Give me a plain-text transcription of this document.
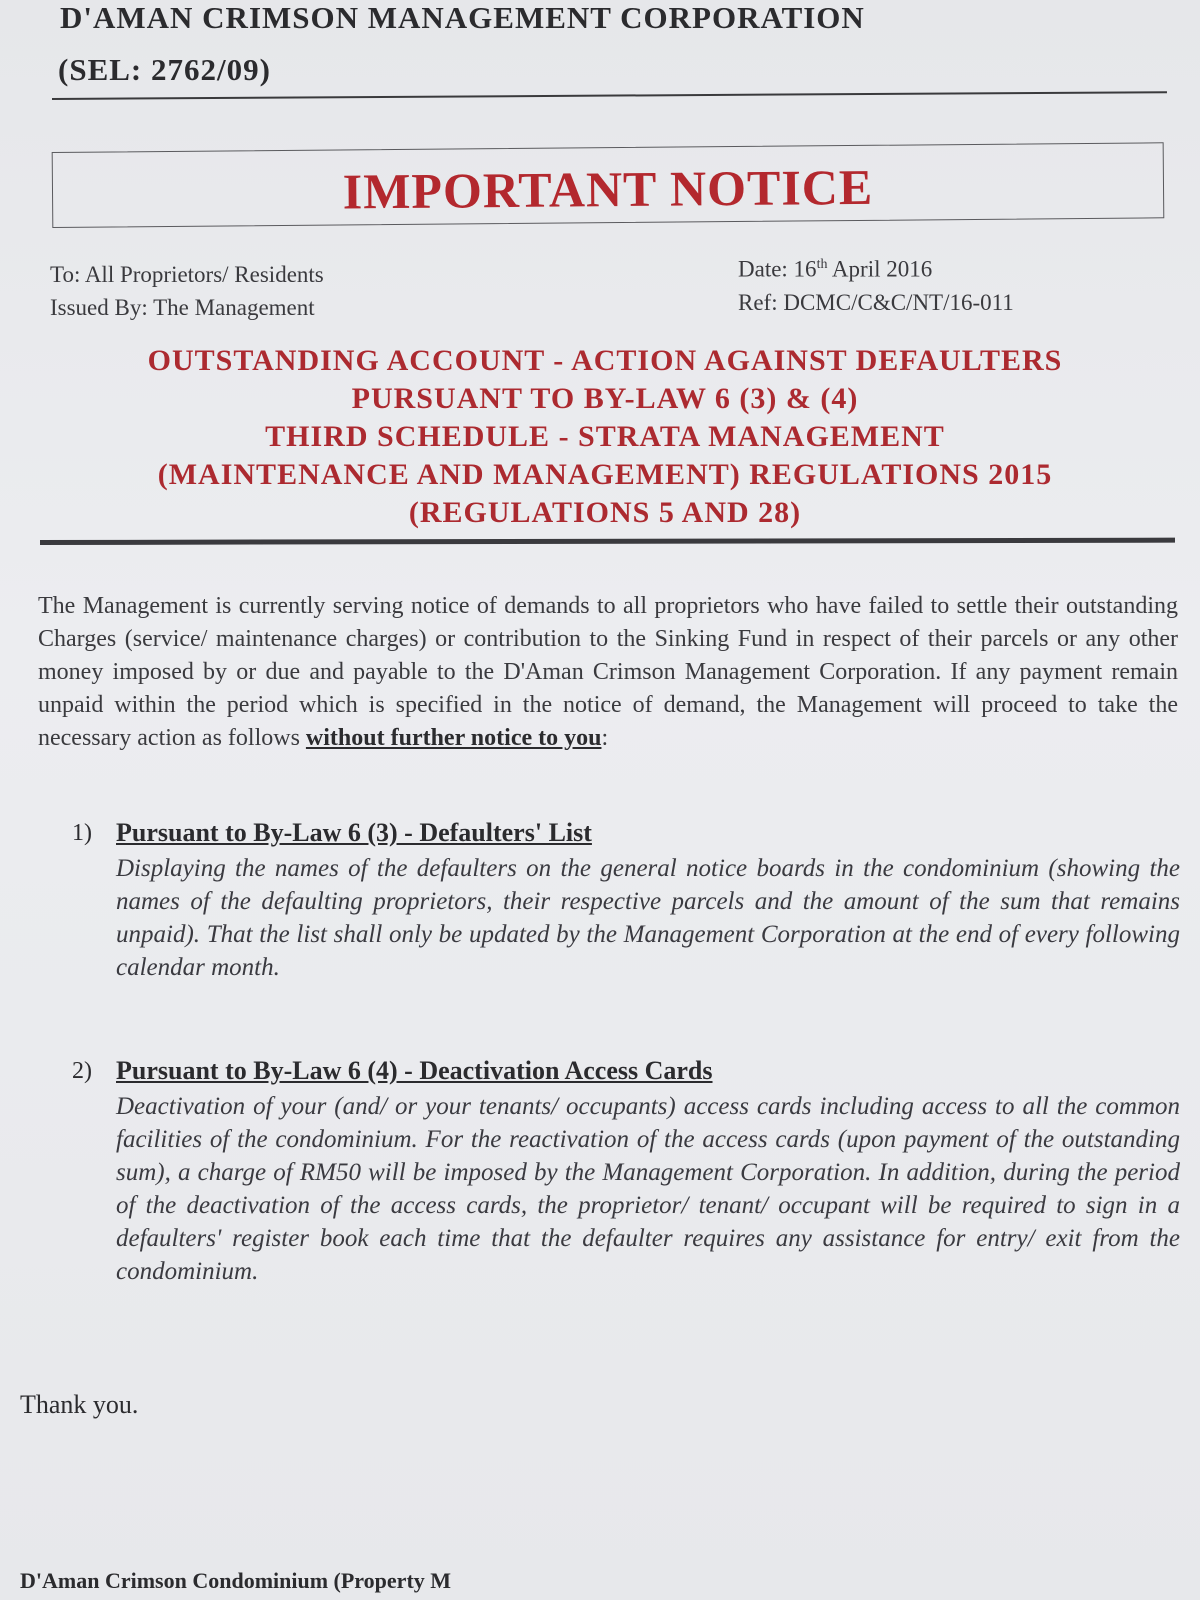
D'AMAN CRIMSON MANAGEMENT CORPORATION
(SEL: 2762/09)
IMPORTANT NOTICE
To: All Proprietors/ Residents
Issued By: The Management
Date: 16th April 2016
Ref: DCMC/C&C/NT/16-011
OUTSTANDING ACCOUNT - ACTION AGAINST DEFAULTERS
PURSUANT TO BY-LAW 6 (3) & (4)
THIRD SCHEDULE - STRATA MANAGEMENT
(MAINTENANCE AND MANAGEMENT) REGULATIONS 2015
(REGULATIONS 5 AND 28)
The Management is currently serving notice of demands to all proprietors who have failed to settle their outstanding Charges (service/ maintenance charges) or contribution to the Sinking Fund in respect of their parcels or any other money imposed by or due and payable to the D'Aman Crimson Management Corporation. If any payment remain unpaid within the period which is specified in the notice of demand, the Management will proceed to take the necessary action as follows without further notice to you:
1) Pursuant to By-Law 6 (3) - Defaulters' List
Displaying the names of the defaulters on the general notice boards in the condominium (showing the names of the defaulting proprietors, their respective parcels and the amount of the sum that remains unpaid). That the list shall only be updated by the Management Corporation at the end of every following calendar month.
2) Pursuant to By-Law 6 (4) - Deactivation Access Cards
Deactivation of your (and/ or your tenants/ occupants) access cards including access to all the common facilities of the condominium. For the reactivation of the access cards (upon payment of the outstanding sum), a charge of RM50 will be imposed by the Management Corporation. In addition, during the period of the deactivation of the access cards, the proprietor/ tenant/ occupant will be required to sign in a defaulters' register book each time that the defaulter requires any assistance for entry/ exit from the condominium.
Thank you.
D'Aman Crimson Condominium (Property M
